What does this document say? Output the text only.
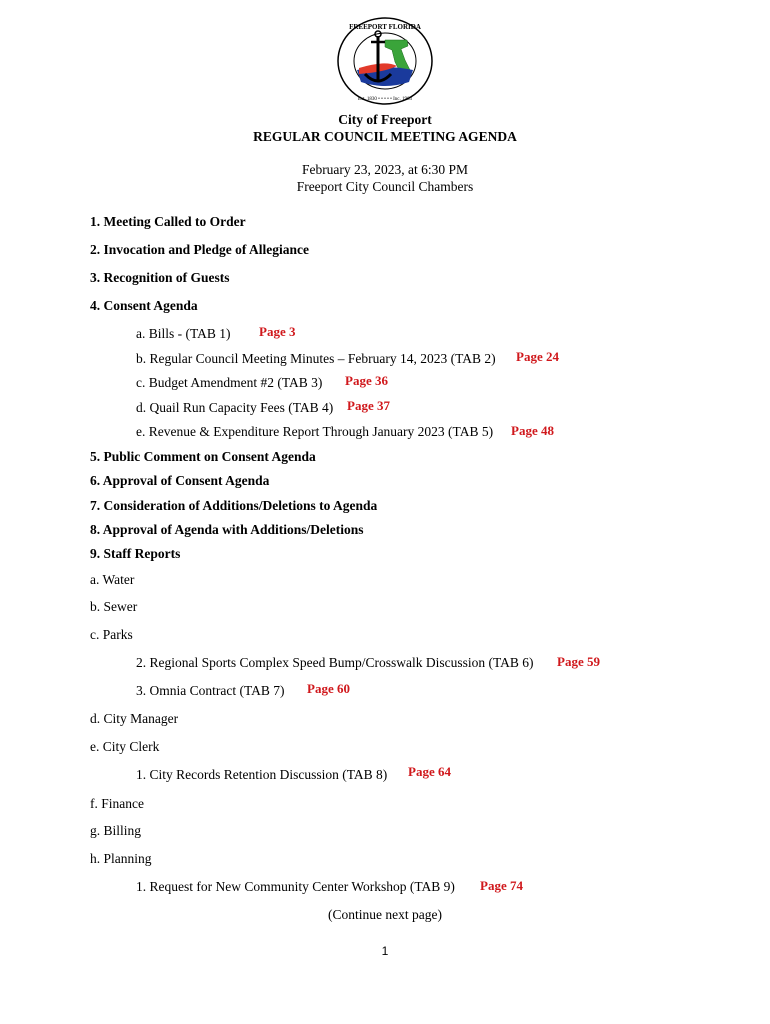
FREEPORT FLORIDA
Est. 1830 • • • • • Inc. 1963
City of Freeport
REGULAR COUNCIL MEETING AGENDA
February 23, 2023, at 6:30 PM
Freeport City Council Chambers
1. Meeting Called to Order
2. Invocation and Pledge of Allegiance
3. Recognition of Guests
4. Consent Agenda
a. Bills - (TAB 1) Page 3
b. Regular Council Meeting Minutes – February 14, 2023 (TAB 2) Page 24
c. Budget Amendment #2 (TAB 3) Page 36
d. Quail Run Capacity Fees (TAB 4) Page 37
e. Revenue & Expenditure Report Through January 2023 (TAB 5) Page 48
5. Public Comment on Consent Agenda
6. Approval of Consent Agenda
7. Consideration of Additions/Deletions to Agenda
8. Approval of Agenda with Additions/Deletions
9. Staff Reports
a. Water
b. Sewer
c. Parks
2. Regional Sports Complex Speed Bump/Crosswalk Discussion (TAB 6) Page 59
3. Omnia Contract (TAB 7) Page 60
d. City Manager
e. City Clerk
1. City Records Retention Discussion (TAB 8) Page 64
f. Finance
g. Billing
h. Planning
1. Request for New Community Center Workshop (TAB 9) Page 74
(Continue next page)
1
